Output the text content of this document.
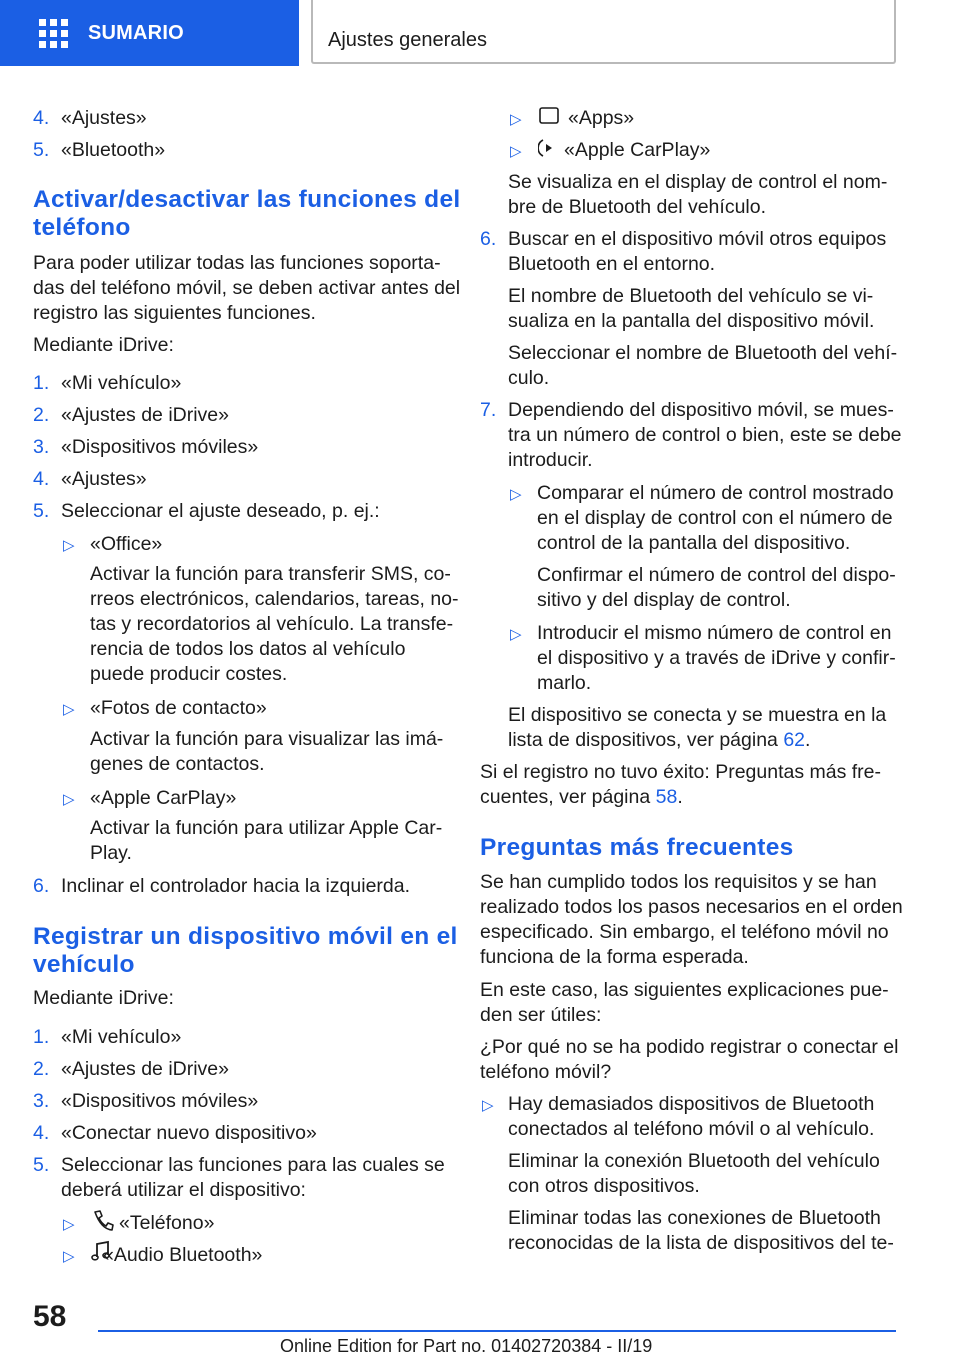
SUMARIO	Ajustes generales
4. «Ajustes»
5. «Bluetooth»
Activar/desactivar las funciones del
teléfono
Para poder utilizar todas las funciones soporta‐
das del teléfono móvil, se deben activar antes del
registro las siguientes funciones.
Mediante iDrive:
1. «Mi vehículo»
2. «Ajustes de iDrive»
3. «Dispositivos móviles»
4. «Ajustes»
5. Seleccionar el ajuste deseado, p. ej.:
▷ «Office»
Activar la función para transferir SMS, co‐
rreos electrónicos, calendarios, tareas, no‐
tas y recordatorios al vehículo. La transfe‐
rencia de todos los datos al vehículo
puede producir costes.
▷ «Fotos de contacto»
Activar la función para visualizar las imá‐
genes de contactos.
▷ «Apple CarPlay»
Activar la función para utilizar Apple Car‐
Play.
6. Inclinar el controlador hacia la izquierda.
Registrar un dispositivo móvil en el
vehículo
Mediante iDrive:
1. «Mi vehículo»
2. «Ajustes de iDrive»
3. «Dispositivos móviles»
4. «Conectar nuevo dispositivo»
5. Seleccionar las funciones para las cuales se
deberá utilizar el dispositivo:
▷ «Teléfono»
▷ «Audio Bluetooth»
▷ «Apps»
▷ «Apple CarPlay»
Se visualiza en el display de control el nom‐
bre de Bluetooth del vehículo.
6. Buscar en el dispositivo móvil otros equipos
Bluetooth en el entorno.
El nombre de Bluetooth del vehículo se vi‐
sualiza en la pantalla del dispositivo móvil.
Seleccionar el nombre de Bluetooth del vehí‐
culo.
7. Dependiendo del dispositivo móvil, se mues‐
tra un número de control o bien, este se debe
introducir.
▷ Comparar el número de control mostrado
en el display de control con el número de
control de la pantalla del dispositivo.
Confirmar el número de control del dispo‐
sitivo y del display de control.
▷ Introducir el mismo número de control en
el dispositivo y a través de iDrive y confir‐
marlo.
El dispositivo se conecta y se muestra en la
lista de dispositivos, ver página 62.
Si el registro no tuvo éxito: Preguntas más fre‐
cuentes, ver página 58.
Preguntas más frecuentes
Se han cumplido todos los requisitos y se han
realizado todos los pasos necesarios en el orden
especificado. Sin embargo, el teléfono móvil no
funciona de la forma esperada.
En este caso, las siguientes explicaciones pue‐
den ser útiles:
¿Por qué no se ha podido registrar o conectar el
teléfono móvil?
▷ Hay demasiados dispositivos de Bluetooth
conectados al teléfono móvil o al vehículo.
Eliminar la conexión Bluetooth del vehículo
con otros dispositivos.
Eliminar todas las conexiones de Bluetooth
reconocidas de la lista de dispositivos del te‐
58
Online Edition for Part no. 01402720384 - II/19
